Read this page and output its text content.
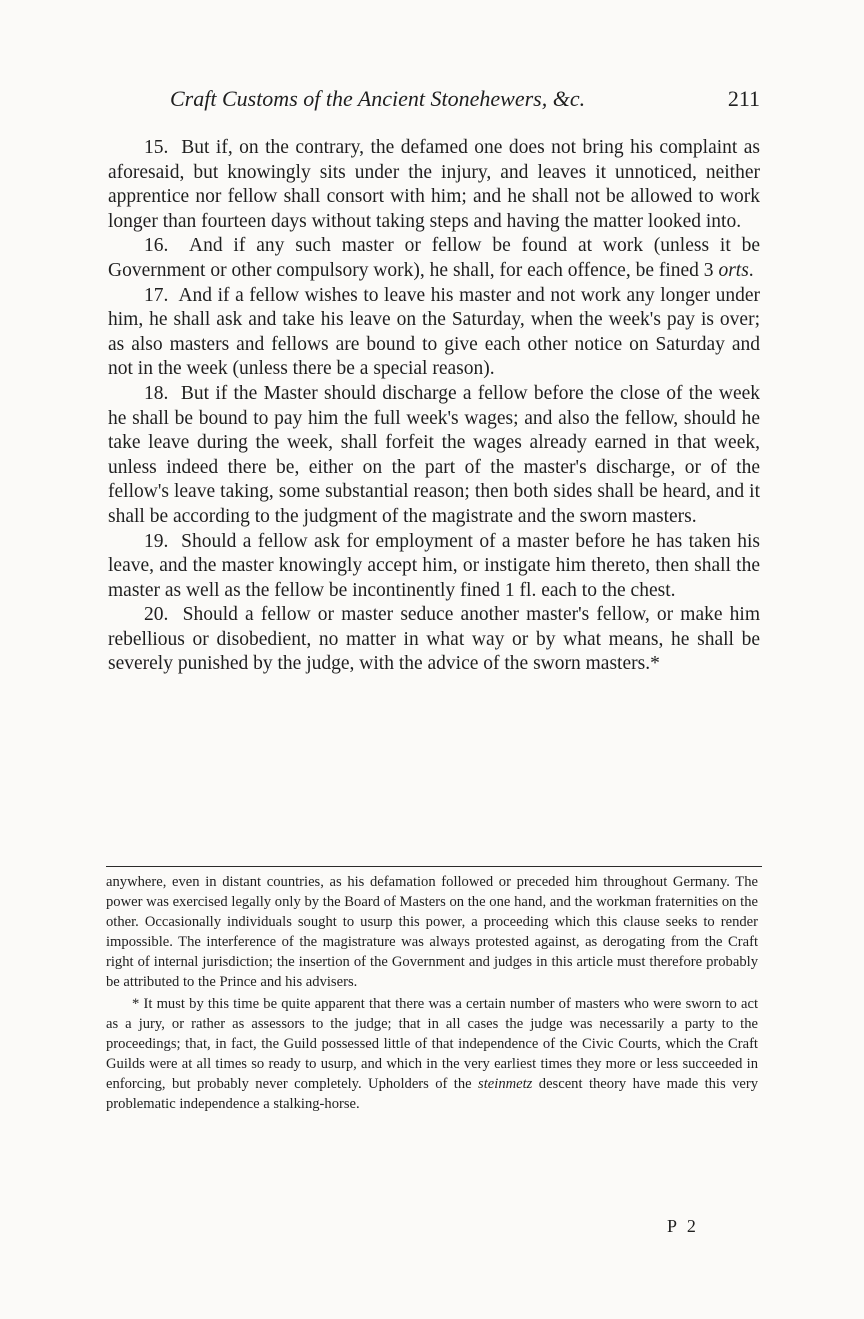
Craft Customs of the Ancient Stonehewers, &c.	211

15. But if, on the contrary, the defamed one does not bring his complaint as aforesaid, but knowingly sits under the injury, and leaves it unnoticed, neither apprentice nor fellow shall consort with him; and he shall not be allowed to work longer than fourteen days without taking steps and having the matter looked into.

16. And if any such master or fellow be found at work (unless it be Government or other compulsory work), he shall, for each offence, be fined 3 orts.

17. And if a fellow wishes to leave his master and not work any longer under him, he shall ask and take his leave on the Saturday, when the week's pay is over; as also masters and fellows are bound to give each other notice on Saturday and not in the week (unless there be a special reason).

18. But if the Master should discharge a fellow before the close of the week he shall be bound to pay him the full week's wages; and also the fellow, should he take leave during the week, shall forfeit the wages already earned in that week, unless indeed there be, either on the part of the master's discharge, or of the fellow's leave taking, some substantial reason; then both sides shall be heard, and it shall be according to the judgment of the magistrate and the sworn masters.

19. Should a fellow ask for employment of a master before he has taken his leave, and the master knowingly accept him, or instigate him thereto, then shall the master as well as the fellow be incontinently fined 1 fl. each to the chest.

20. Should a fellow or master seduce another master's fellow, or make him rebellious or disobedient, no matter in what way or by what means, he shall be severely punished by the judge, with the advice of the sworn masters.*

anywhere, even in distant countries, as his defamation followed or preceded him throughout Germany. The power was exercised legally only by the Board of Masters on the one hand, and the workman fraternities on the other. Occasionally individuals sought to usurp this power, a proceeding which this clause seeks to render impossible. The interference of the magistrature was always protested against, as derogating from the Craft right of internal jurisdiction; the insertion of the Government and judges in this article must therefore probably be attributed to the Prince and his advisers.

* It must by this time be quite apparent that there was a certain number of masters who were sworn to act as a jury, or rather as assessors to the judge; that in all cases the judge was necessarily a party to the proceedings; that, in fact, the Guild possessed little of that independence of the Civic Courts, which the Craft Guilds were at all times so ready to usurp, and which in the very earliest times they more or less succeeded in enforcing, but probably never completely. Upholders of the steinmetz descent theory have made this very problematic independence a stalking-horse.

P 2
